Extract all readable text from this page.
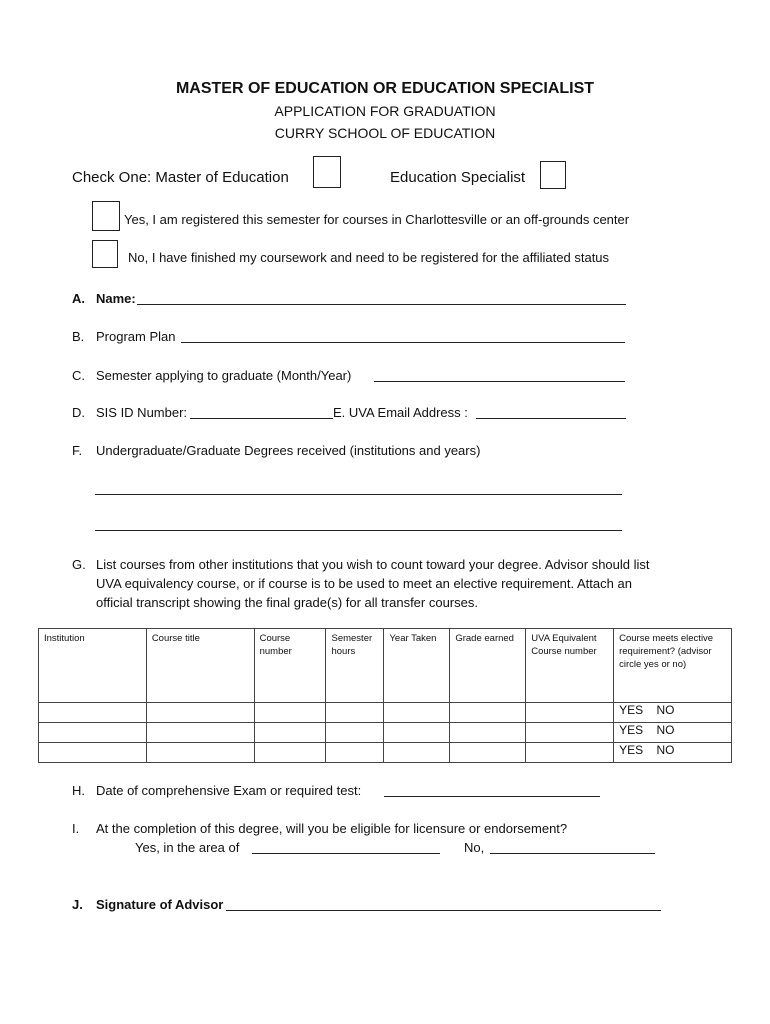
MASTER OF EDUCATION OR EDUCATION SPECIALIST
APPLICATION FOR GRADUATION
CURRY SCHOOL OF EDUCATION
Check One: Master of Education	Education Specialist
Yes, I am registered this semester for courses in Charlottesville or an off-grounds center
No, I have finished my coursework and need to be registered for the affiliated status
A. Name:
B. Program Plan
C. Semester applying to graduate (Month/Year)
D. SIS ID Number:	E. UVA Email Address :
F. Undergraduate/Graduate Degrees received (institutions and years)
G. List courses from other institutions that you wish to count toward your degree. Advisor should list
UVA equivalency course, or if course is to be used to meet an elective requirement. Attach an
official transcript showing the final grade(s) for all transfer courses.
Institution	Course title	Course number	Semester hours	Year Taken	Grade earned	UVA Equivalent Course number	Course meets elective requirement? (advisor circle yes or no)
							YES NO
							YES NO
							YES NO
H. Date of comprehensive Exam or required test:
I. At the completion of this degree, will you be eligible for licensure or endorsement?
Yes, in the area of	No,
J. Signature of Advisor
